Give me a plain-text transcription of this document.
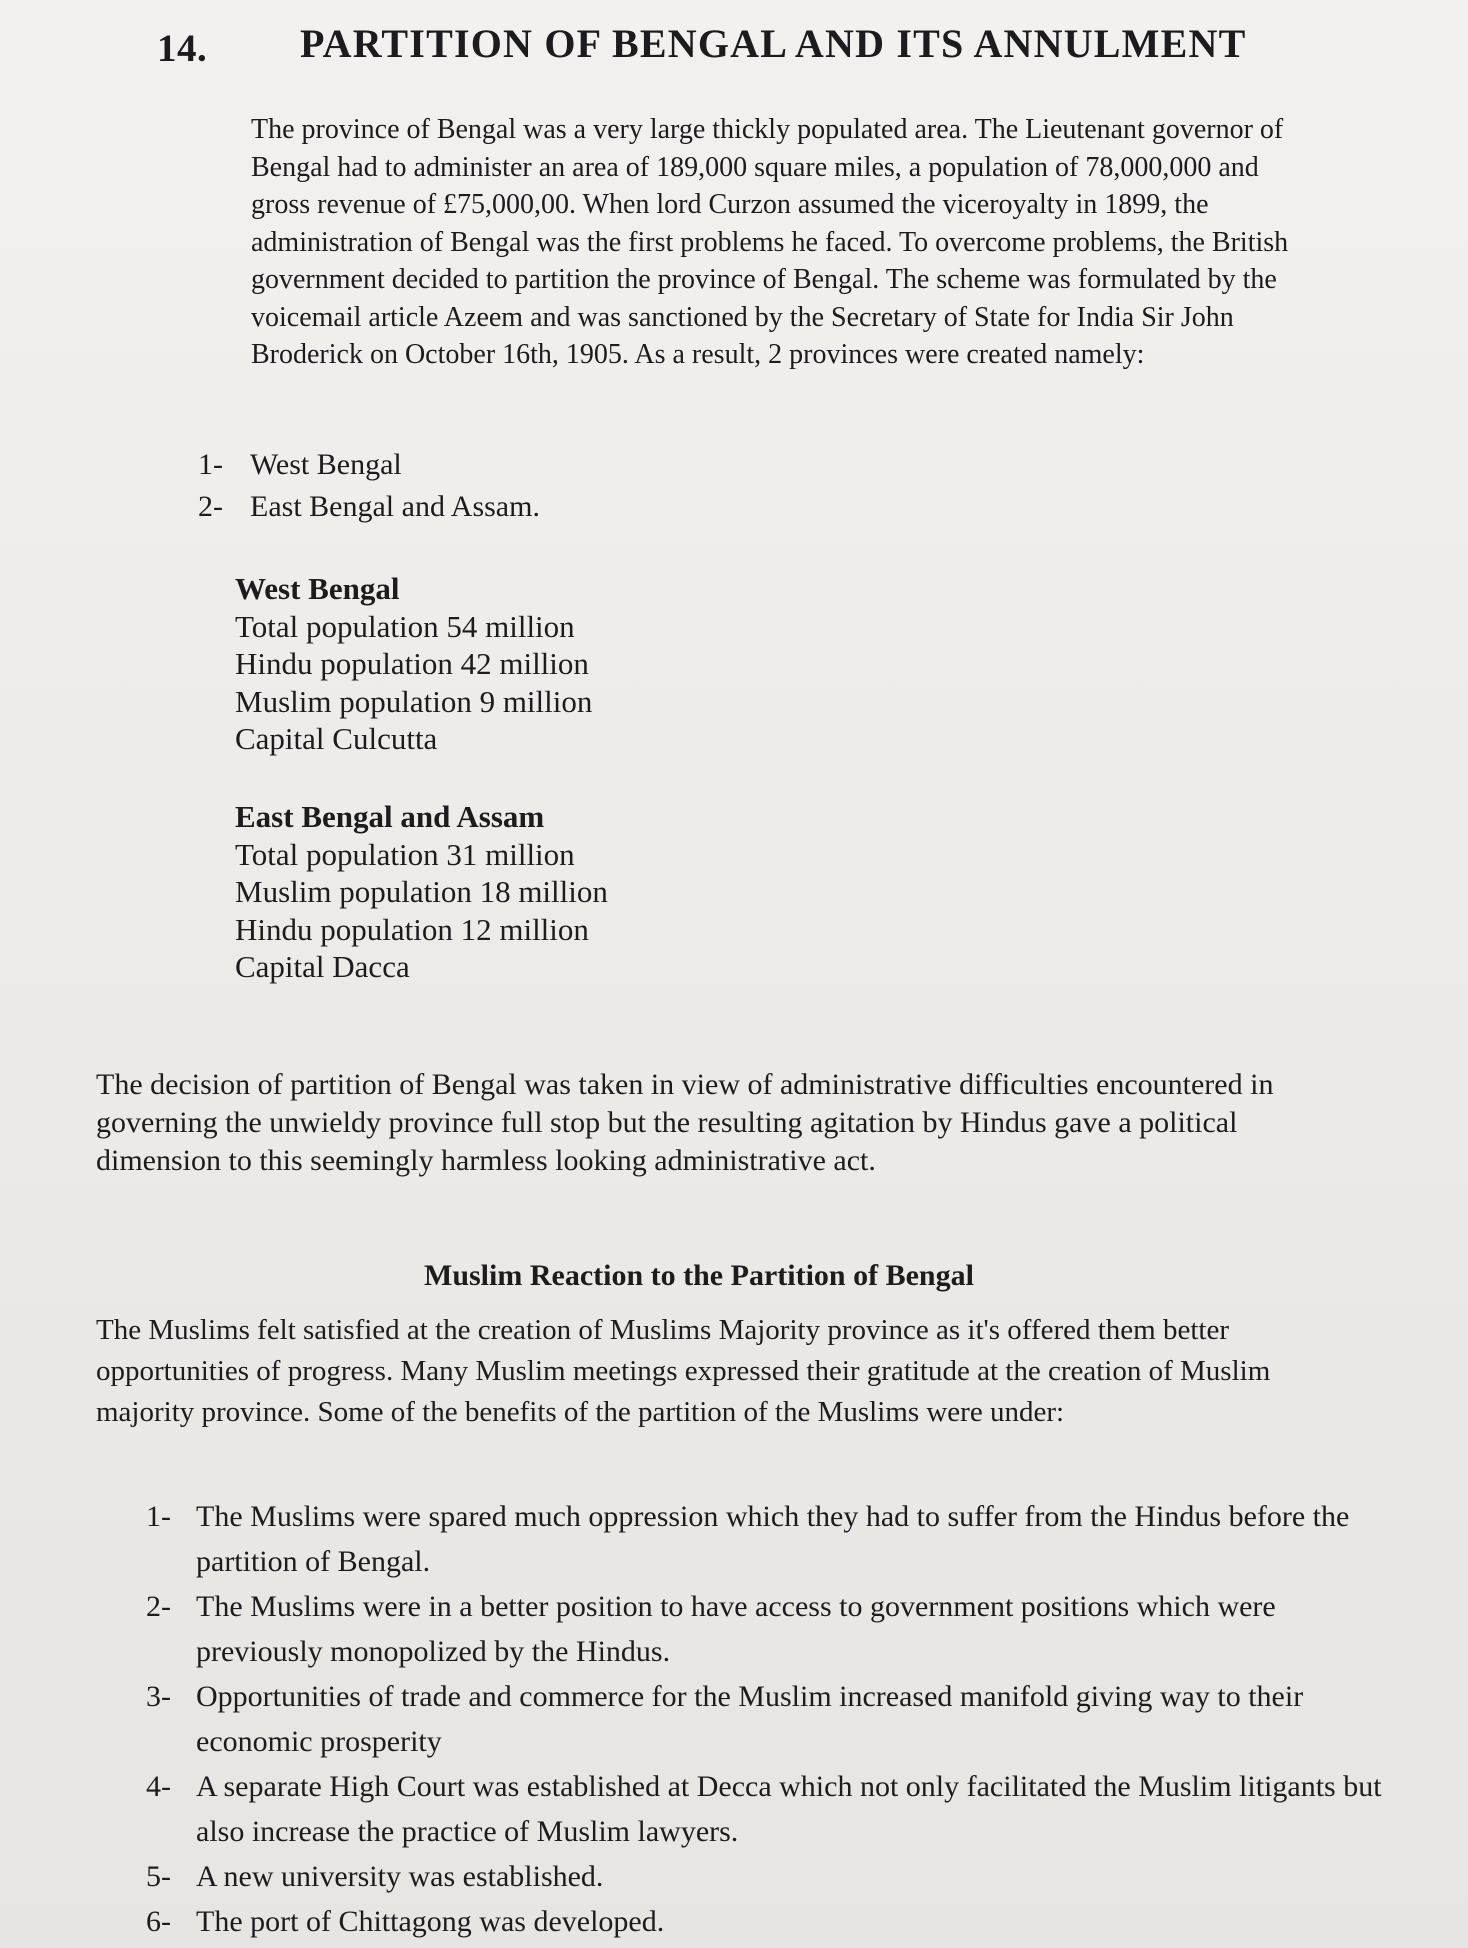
14. PARTITION OF BENGAL AND ITS ANNULMENT

The province of Bengal was a very large thickly populated area. The Lieutenant governor of Bengal had to administer an area of 189,000 square miles, a population of 78,000,000 and gross revenue of £75,000,00. When lord Curzon assumed the viceroyalty in 1899, the administration of Bengal was the first problems he faced. To overcome problems, the British government decided to partition the province of Bengal. The scheme was formulated by the voicemail article Azeem and was sanctioned by the Secretary of State for India Sir John Broderick on October 16th, 1905. As a result, 2 provinces were created namely:

1- West Bengal
2- East Bengal and Assam.
West Bengal
Total population 54 million
Hindu population 42 million
Muslim population 9 million
Capital Culcutta
East Bengal and Assam
Total population 31 million
Muslim population 18 million
Hindu population 12 million
Capital Dacca

The decision of partition of Bengal was taken in view of administrative difficulties encountered in governing the unwieldy province full stop but the resulting agitation by Hindus gave a political dimension to this seemingly harmless looking administrative act.

Muslim Reaction to the Partition of Bengal

The Muslims felt satisfied at the creation of Muslims Majority province as it's offered them better opportunities of progress. Many Muslim meetings expressed their gratitude at the creation of Muslim majority province. Some of the benefits of the partition of the Muslims were under:

1- The Muslims were spared much oppression which they had to suffer from the Hindus before the partition of Bengal.
2- The Muslims were in a better position to have access to government positions which were previously monopolized by the Hindus.
3- Opportunities of trade and commerce for the Muslim increased manifold giving way to their economic prosperity
4- A separate High Court was established at Decca which not only facilitated the Muslim litigants but also increase the practice of Muslim lawyers.
5- A new university was established.
6- The port of Chittagong was developed.
